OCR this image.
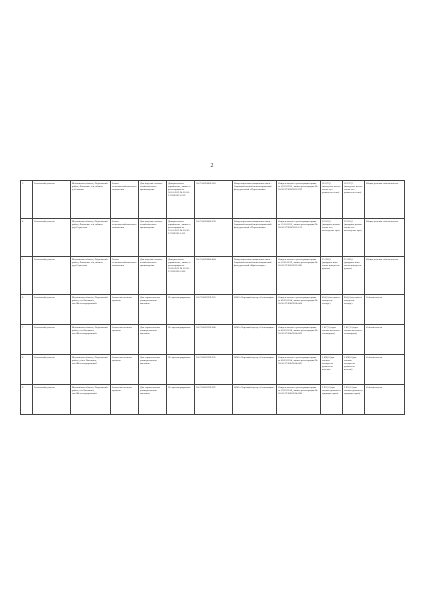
2
3	Земельный участок	Московская область, Подольский район, Лаговское с/п, вблизи д.Сеньково	Земли сельскохозяйственного назначения	Для ведения сельско-хозяйственного производства	Доверительное управление, запись о регистрации от 16.10.2013 № 50-50-27/028/2013-259	50:27:0030060:583	Владельцы инвестиционных паев – Закрытый паевой инвестиционный фонд рентный «Перспектива»	Свидетельство о регистрации права от 16.10.2013, запись регистрации № 50-50-27/028/2013-259	56 197,0 (пятьдесят шесть тысяч сто девяносто семь)	56 197,0 (пятьдесят шесть тысяч сто девяносто семь)	Общая долевая собственность
4	Земельный участок	Московская область, Подольский район, Лаговское с/п, вблизи дер.Сергеевка	Земли сельскохозяйственного назначения	Для ведения сельско-хозяйственного производства	Доверительное управление, запись о регистрации от 15.10.2013 № 50-50-27/028/2013-152	50:27:0030060:558	Владельцы инвестиционных паев – Закрытый паевой инвестиционный фонд рентный «Перспектива»	Свидетельство о регистрации права от 15.10.2013, запись регистрации № 50-50-27/028/2013-152	29 163,0 (двадцать девять тысяч сто шестьдесят три)	29 163,0 (двадцать девять тысяч сто шестьдесят три)	Общая долевая собственность
5	Земельный участок	Московская область, Подольский район, Лаговское с/п, вблизи дер.Сергеевка	Земли сельскохозяйственного назначения	Для ведения сельско-хозяйственного производства	Доверительное управление, запись о регистрации от 10.05.2012 № 50-50-27/020/2012-300	50:27:0030060:464	Владельцы инвестиционных паев – Закрытый паевой инвестиционный фонд рентный «Красногорье»	Свидетельство о регистрации права от 10.05.2012, запись регистрации № 50-50-27/020/2012-300	25 059,0 (двадцать пять тысяч пятьдесят девять)	25 059,0 (двадцать пять тысяч пятьдесят девять)	Общая долевая собственность
6	Земельный участок	Московская область, Подольский район, с/п Лаговское, пос.Железнодорожный	Земли населенных пунктов	Для строительства универсального магазина	Не зарегистрировано	50:27:0020709:325	ООО «Торговый центр «Стекольщик»	Свидетельство о регистрации права от 06.03.2014, запись регистрации № 50-50-27/006/2014-004	854,0 (восемьсот пятьдесят четыре)	854,0 (восемьсот пятьдесят четыре)	Собственность
7	Земельный участок	Московская область, Подольский район, с/п Лаговское, пос.Железнодорожный	Земли населенных пунктов	Для строительства универсального магазина	Не зарегистрировано	50:27:0020709:346	ООО «Торговый центр «Стекольщик»	Свидетельство о регистрации права от 06.03.2014, запись регистрации № 50-50-27/006/2014-003	1 617,0 (одна тысяча шестьсот семнадцать)	1 617,0 (одна тысяча шестьсот семнадцать)	Собственность
8	Земельный участок	Московская область, Подольский район, с/пос Лаговское, пос.Железнодорожный	Земли населенных пунктов	Для строительства универсального магазина	Не зарегистрировано	50:27:0020709:352	ООО «Торговый центр «Стекольщик»	Свидетельство о регистрации права от 06.03.2014, запись регистрации № 50-50-27/006/2014-005	2 498,0 (две тысячи четыреста девяносто восемь)	2 498,0 (две тысячи четыреста девяносто восемь)	Собственность
9	Земельный участок	Московская область, Подольский район, с/п Лаговское, пос.Железнодорожный	Земли населенных пунктов	Для строительства универсального магазина	Не зарегистрировано	50:27:0020709:367	ООО «Торговый центр «Стекольщик»	Свидетельство о регистрации права от 19.03.2014, запись регистрации № 50-50-27/006/2014-008	3 931,0 (три тысячи девятьсот тридцать один)	3 931,0 (три тысячи девятьсот тридцать один)	Собственность
